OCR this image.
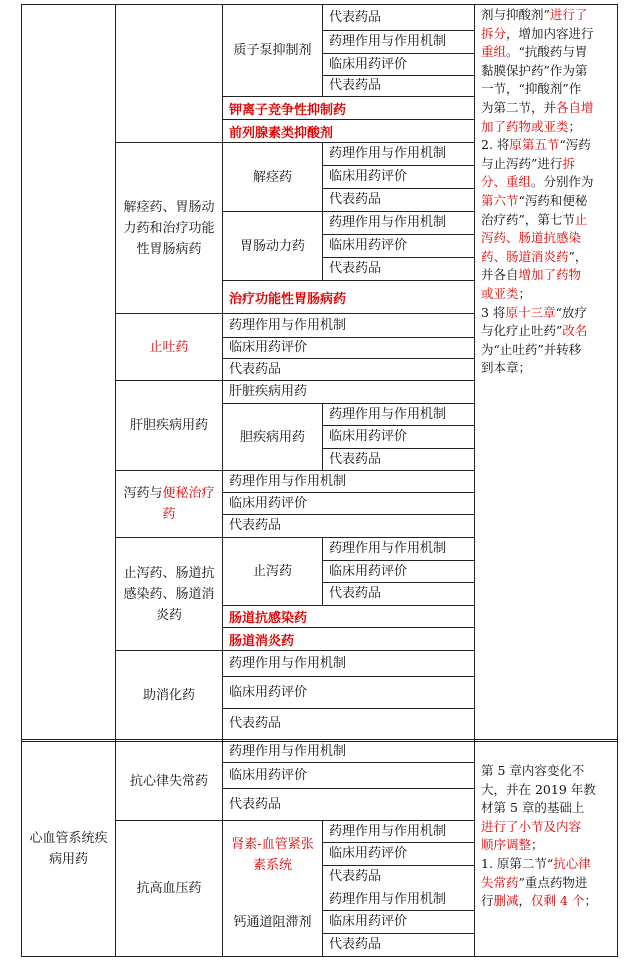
解痉药、胃肠动力药和治疗功能性胃肠病药
止吐药
肝胆疾病用药
泻药与便秘治疗药
止泻药、肠道抗感染药、肠道消炎药
助消化药
抗心律失常药
抗高血压药
心血管系统疾病用药
质子泵抑制剂
解痉药
胃肠动力药
胆疾病用药
止泻药
肾素-血管紧张素系统
钙通道阻滞剂
钾离子竞争性抑制药
前列腺素类抑酸剂
治疗功能性胃肠病药
肠道抗感染药
肠道消炎药
药理作用与作用机制
临床用药评价
代表药品
肝脏疾病用药
药理作用与作用机制
临床用药评价
代表药品
药理作用与作用机制
临床用药评价
代表药品
药理作用与作用机制
临床用药评价
代表药品
代表药品
药理作用与作用机制
临床用药评价
代表药品
药理作用与作用机制
临床用药评价
代表药品
药理作用与作用机制
临床用药评价
代表药品
药理作用与作用机制
临床用药评价
代表药品
药理作用与作用机制
临床用药评价
代表药品
药理作用与作用机制
临床用药评价
代表药品
药理作用与作用机制
临床用药评价
代表药品
剂与抑酸剂”进行了
拆分，增加内容进行
重组。“抗酸药与胃
黏膜保护药”作为第
一节，“抑酸剂”作
为第二节，并各自增
加了药物或亚类；
2. 将原第五节“泻药
与止泻药”进行拆
分、重组。分别作为
第六节“泻药和便秘
治疗药”，第七节止
泻药、肠道抗感染
药、肠道消炎药”，
并各自增加了药物
或亚类；
3 将原十三章“放疗
与化疗止吐药”改名
为“止吐药”并转移
到本章；
第 5 章内容变化不
大，并在 2019 年教
材第 5 章的基础上
进行了小节及内容
顺序调整；
1. 原第二节“抗心律
失常药”重点药物进
行删减，仅剩 4 个；
